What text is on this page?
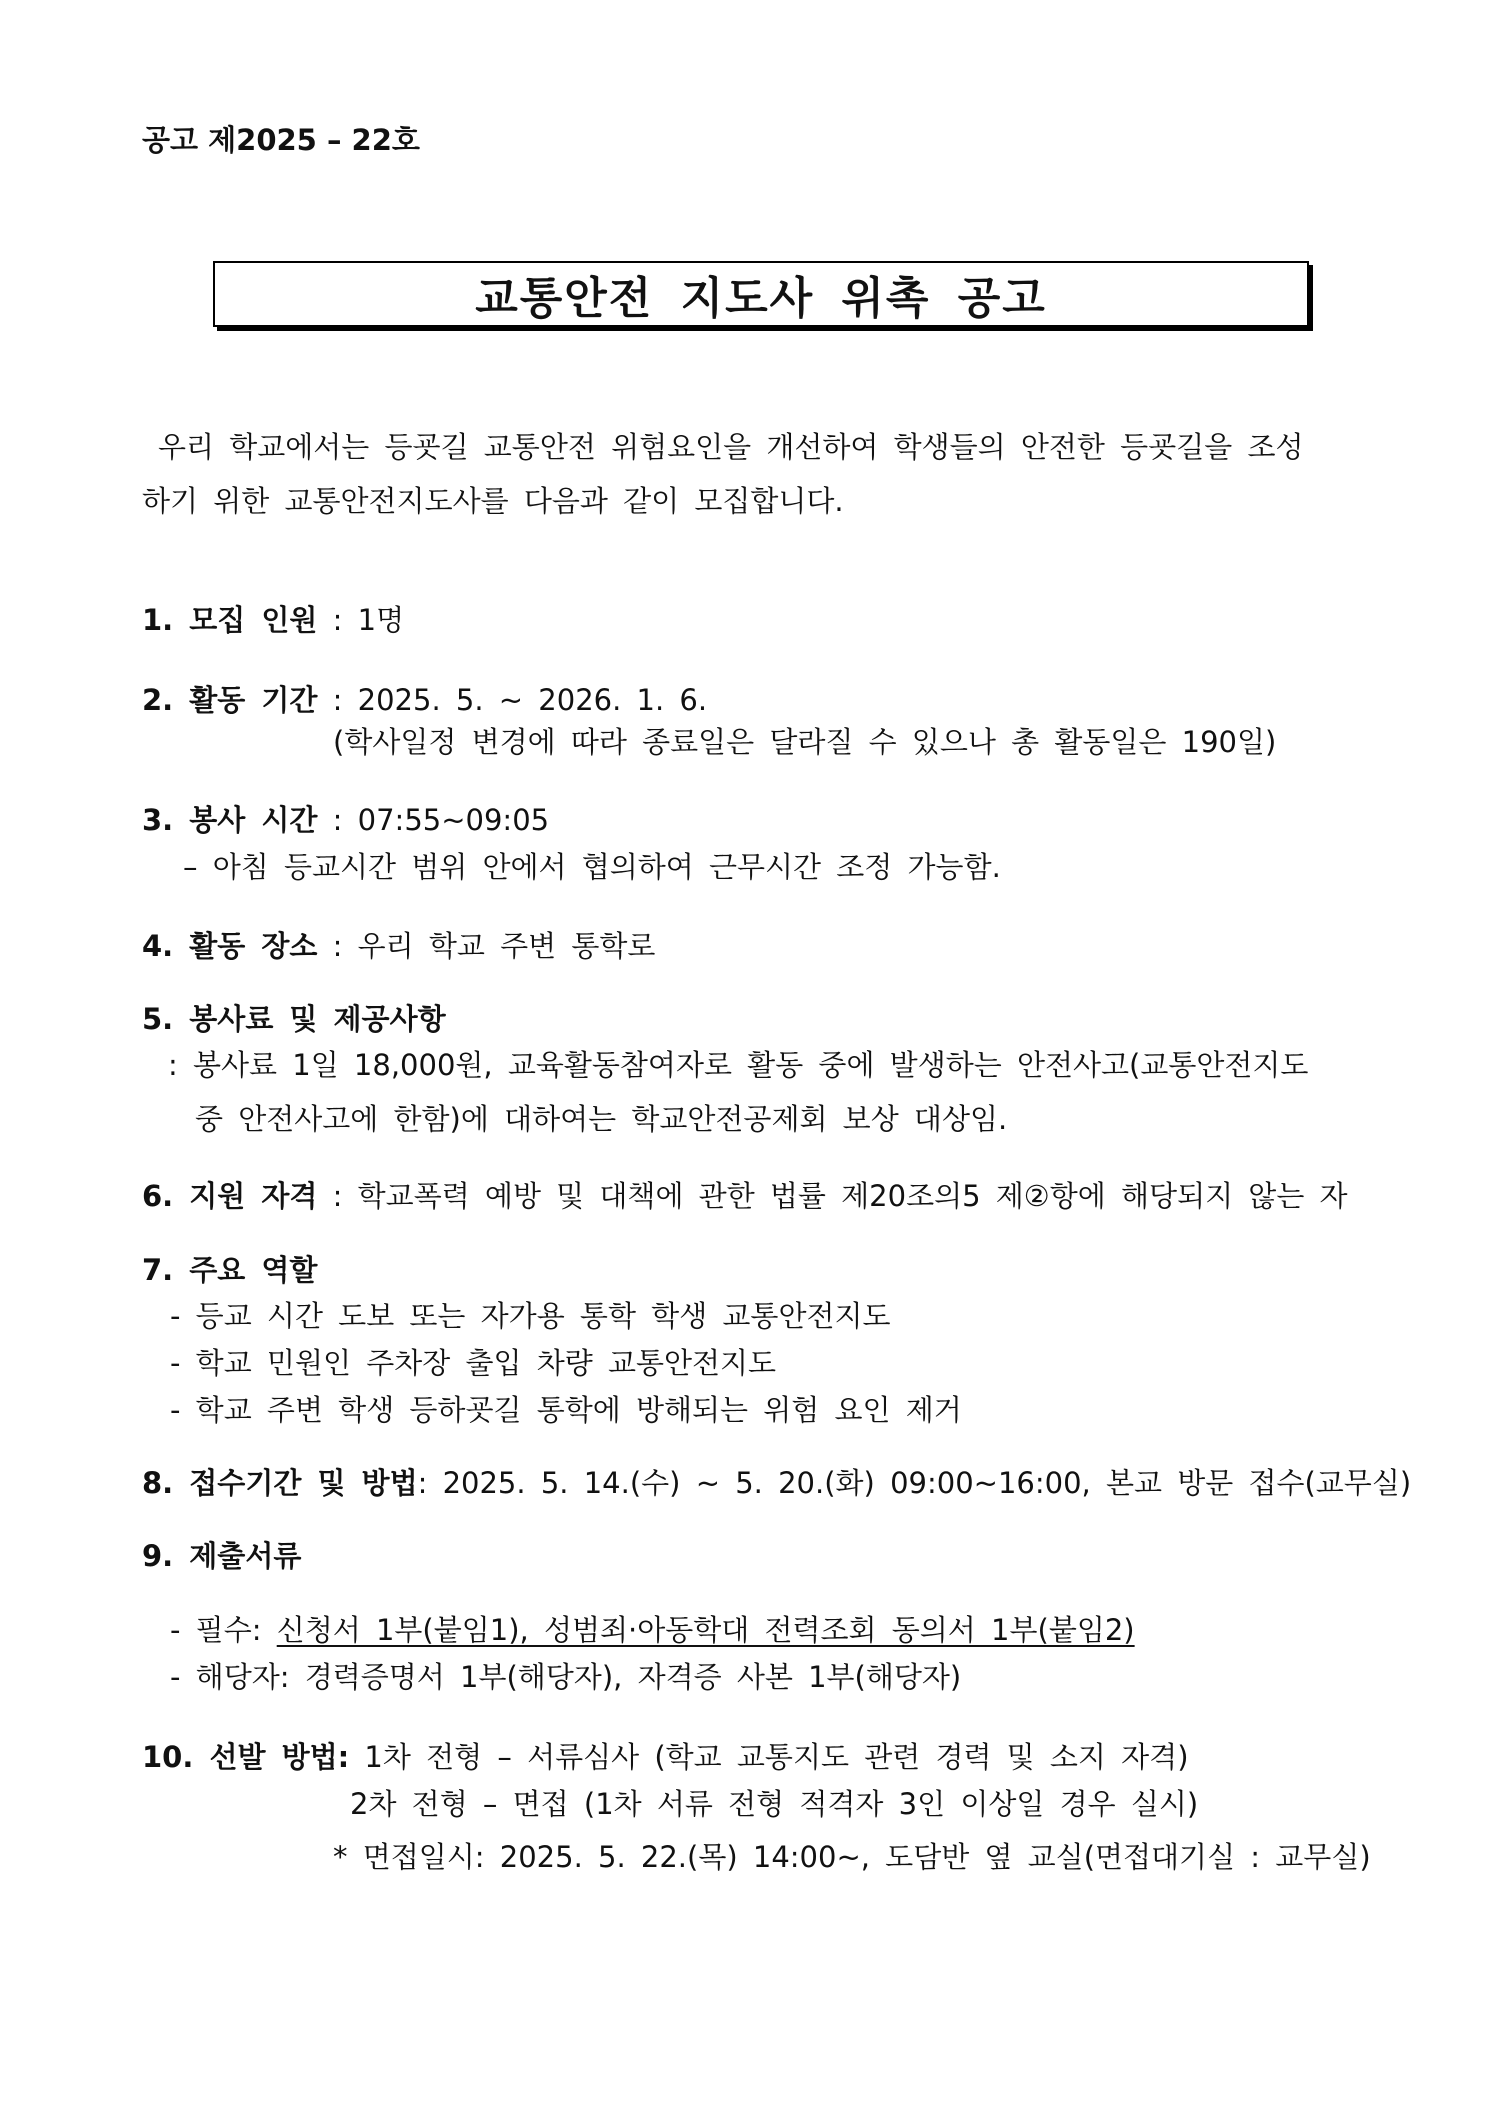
공고 제2025 – 22호
교통안전 지도사 위촉 공고
우리 학교에서는 등굣길 교통안전 위험요인을 개선하여 학생들의 안전한 등굣길을 조성
하기 위한 교통안전지도사를 다음과 같이 모집합니다.
1. 모집 인원 : 1명
2. 활동 기간 : 2025. 5. ~ 2026. 1. 6.
(학사일정 변경에 따라 종료일은 달라질 수 있으나 총 활동일은 190일)
3. 봉사 시간 : 07:55~09:05
– 아침 등교시간 범위 안에서 협의하여 근무시간 조정 가능함.
4. 활동 장소 : 우리 학교 주변 통학로
5. 봉사료 및 제공사항
: 봉사료 1일 18,000원, 교육활동참여자로 활동 중에 발생하는 안전사고(교통안전지도
중 안전사고에 한함)에 대하여는 학교안전공제회 보상 대상임.
6. 지원 자격 : 학교폭력 예방 및 대책에 관한 법률 제20조의5 제②항에 해당되지 않는 자
7. 주요 역할
- 등교 시간 도보 또는 자가용 통학 학생 교통안전지도
- 학교 민원인 주차장 출입 차량 교통안전지도
- 학교 주변 학생 등하굣길 통학에 방해되는 위험 요인 제거
8. 접수기간 및 방법: 2025. 5. 14.(수) ~ 5. 20.(화) 09:00~16:00, 본교 방문 접수(교무실)
9. 제출서류
- 필수: 신청서 1부(붙임1), 성범죄·아동학대 전력조회 동의서 1부(붙임2)
- 해당자: 경력증명서 1부(해당자), 자격증 사본 1부(해당자)
10. 선발 방법: 1차 전형 – 서류심사 (학교 교통지도 관련 경력 및 소지 자격)
2차 전형 – 면접 (1차 서류 전형 적격자 3인 이상일 경우 실시)
* 면접일시: 2025. 5. 22.(목) 14:00~, 도담반 옆 교실(면접대기실 : 교무실)
